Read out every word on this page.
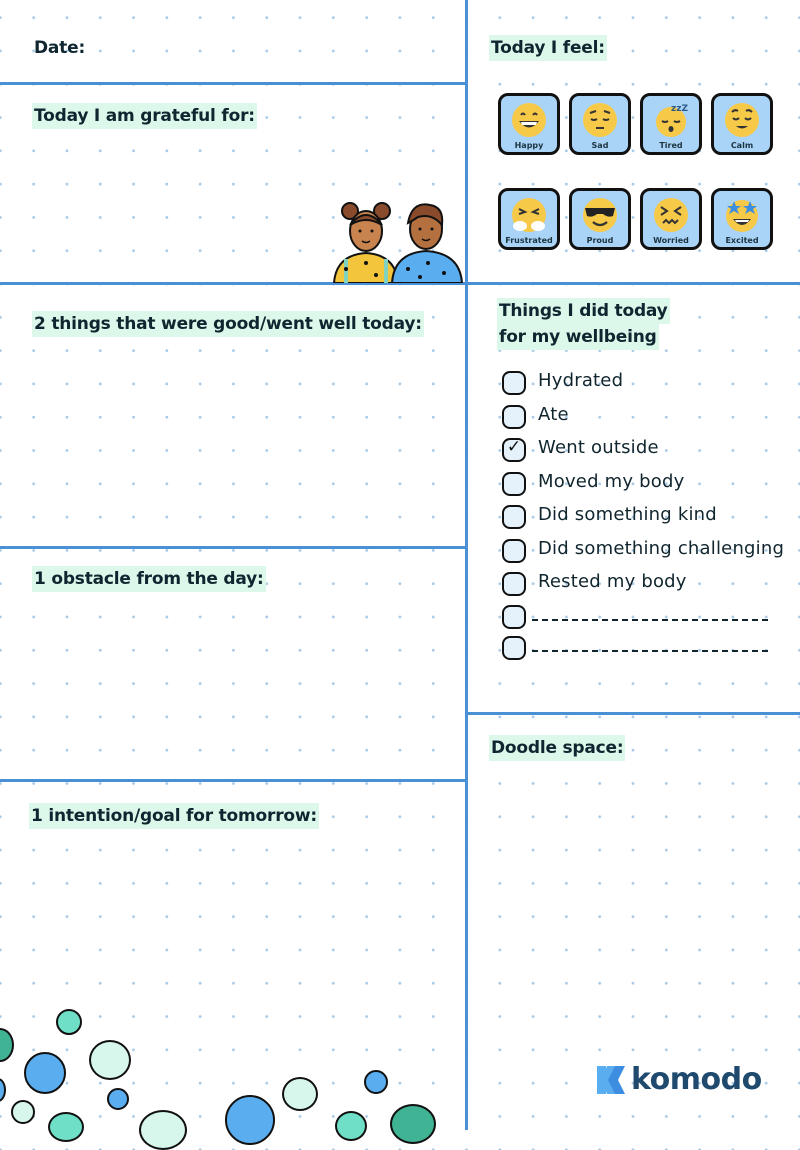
Date:
Today I am grateful for:
2 things that were good/went well today:
1 obstacle from the day:
1 intention/goal for tomorrow:
Today I feel:
Happy	Sad
zzZ
Tired	Calm
Frustrated	Proud	Worried	Excited
Things I did today
for my wellbeing
Hydrated
Ate
✓ Went outside
Moved my body
Did something kind
Did something challenging
Rested my body
Doodle space:
komodo
